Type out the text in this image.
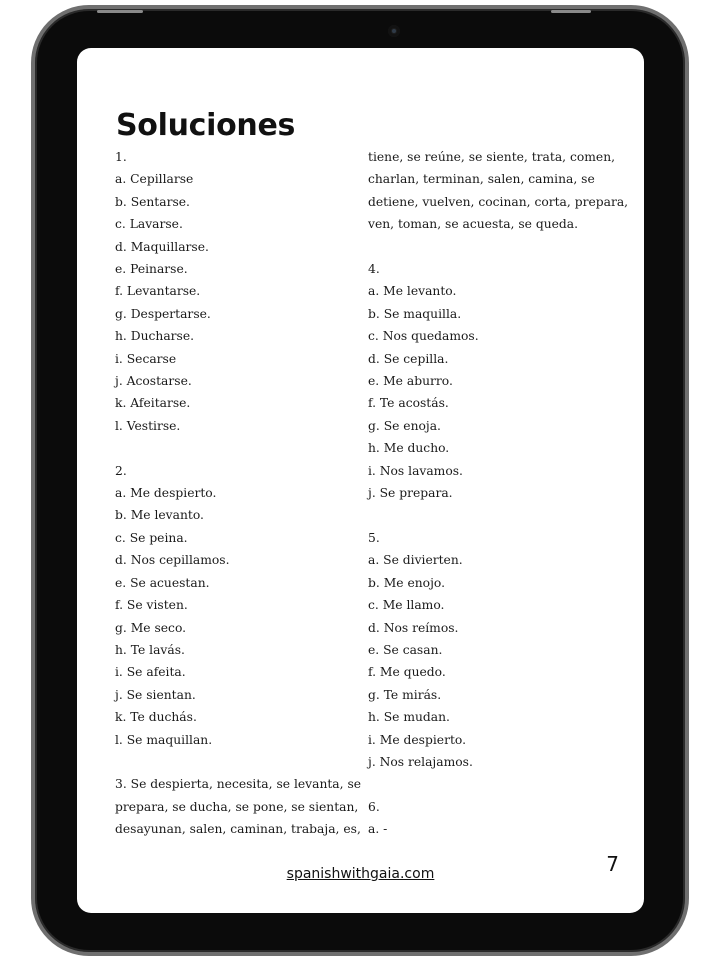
Soluciones
1.
a. Cepillarse
b. Sentarse.
c. Lavarse.
d. Maquillarse.
e. Peinarse.
f. Levantarse.
g. Despertarse.
h. Ducharse.
i. Secarse
j. Acostarse.
k. Afeitarse.
l. Vestirse.
2.
a. Me despierto.
b. Me levanto.
c. Se peina.
d. Nos cepillamos.
e. Se acuestan.
f. Se visten.
g. Me seco.
h. Te lavás.
i. Se afeita.
j. Se sientan.
k. Te duchás.
l. Se maquillan.
3. Se despierta, necesita, se levanta, se
prepara, se ducha, se pone, se sientan,
desayunan, salen, caminan, trabaja, es,
tiene, se reúne, se siente, trata, comen,
charlan, terminan, salen, camina, se
detiene, vuelven, cocinan, corta, prepara,
ven, toman, se acuesta, se queda.
4.
a. Me levanto.
b. Se maquilla.
c. Nos quedamos.
d. Se cepilla.
e. Me aburro.
f. Te acostás.
g. Se enoja.
h. Me ducho.
i. Nos lavamos.
j. Se prepara.
5.
a. Se divierten.
b. Me enojo.
c. Me llamo.
d. Nos reímos.
e. Se casan.
f. Me quedo.
g. Te mirás.
h. Se mudan.
i. Me despierto.
j. Nos relajamos.
6.
a. -
spanishwithgaia.com	7
